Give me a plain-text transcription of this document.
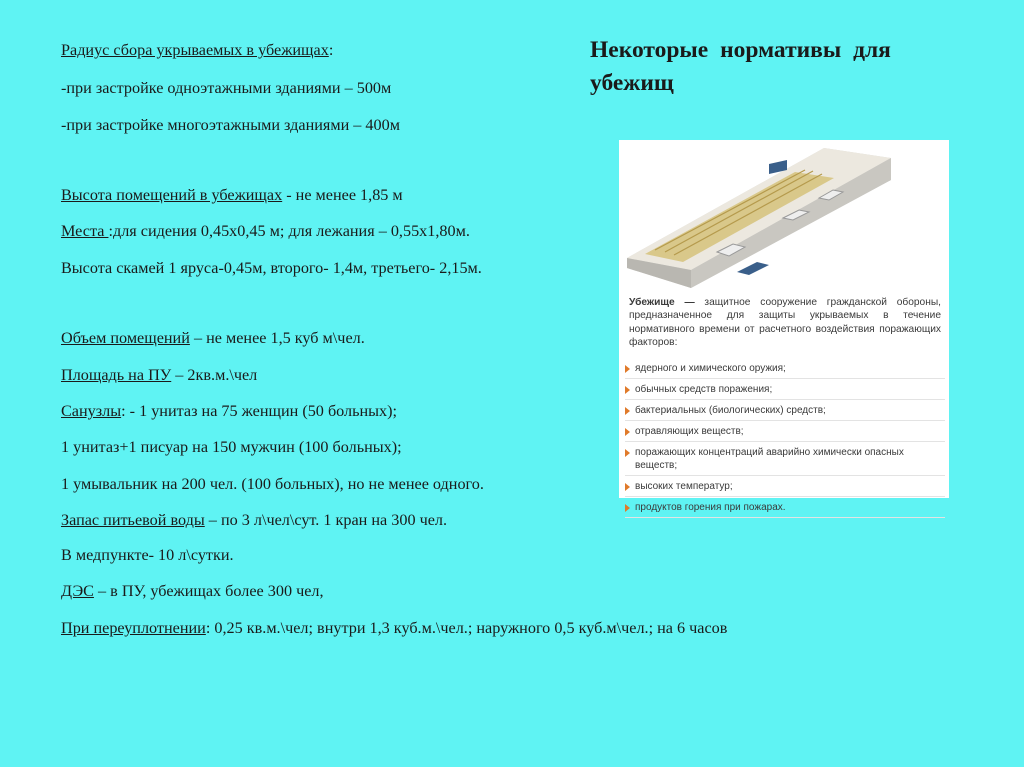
Некоторые нормативы для убежищ
Радиус сбора укрываемых в убежищах:
-при застройке одноэтажными зданиями – 500м
-при застройке многоэтажными зданиями – 400м
Высота помещений в убежищах - не менее 1,85 м
Места :для сидения 0,45х0,45 м; для лежания – 0,55х1,80м.
Высота скамей 1 яруса-0,45м, второго- 1,4м, третьего- 2,15м.
Объем помещений – не менее 1,5 куб м\чел.
Площадь на ПУ – 2кв.м.\чел
Санузлы: - 1 унитаз на 75 женщин (50 больных);
1 унитаз+1 писуар на 150 мужчин (100 больных);
1 умывальник на 200 чел. (100 больных), но не менее одного.
Запас питьевой воды – по 3 л\чел\сут. 1 кран на 300 чел.
В медпункте- 10 л\сутки.
ДЭС – в ПУ, убежищах более 300 чел,
При переуплотнении: 0,25 кв.м.\чел; внутри 1,3 куб.м.\чел.; наружного 0,5 куб.м\чел.; на 6 часов
Убежище — защитное сооружение гражданской обороны, предназначенное для защиты укрываемых в течение нормативного времени от расчетного воздействия поражающих факторов:
ядерного и химического оружия;
обычных средств поражения;
бактериальных (биологических) средств;
отравляющих веществ;
поражающих концентраций аварийно химически опасных веществ;
высоких температур;
продуктов горения при пожарах.
